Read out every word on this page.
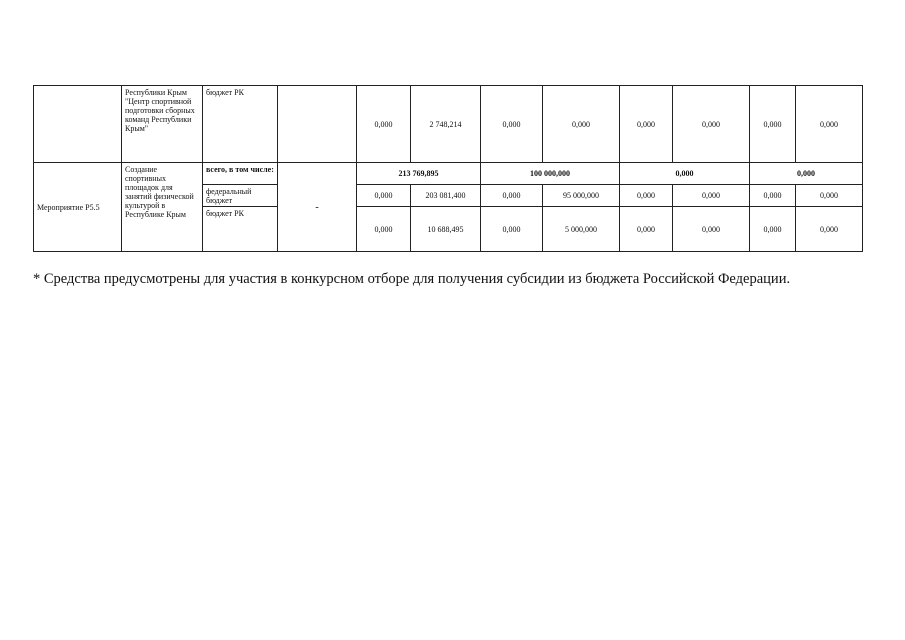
	Республики Крым "Центр спортивной подготовки сборных команд Республики Крым"	бюджет РК		0,000	2 748,214	0,000	0,000	0,000	0,000	0,000	0,000
Мероприятие Р5.5	Создание спортивных площадок для занятий физической культурой в Республике Крым	всего, в том числе:	-	213 769,895		100 000,000		0,000		0,000	
		федеральный бюджет		0,000	203 081,400	0,000	95 000,000	0,000	0,000	0,000	0,000
		бюджет РК		0,000	10 688,495	0,000	5 000,000	0,000	0,000	0,000	0,000
* Средства предусмотрены для участия в конкурсном отборе для получения субсидии из бюджета Российской Федерации.
